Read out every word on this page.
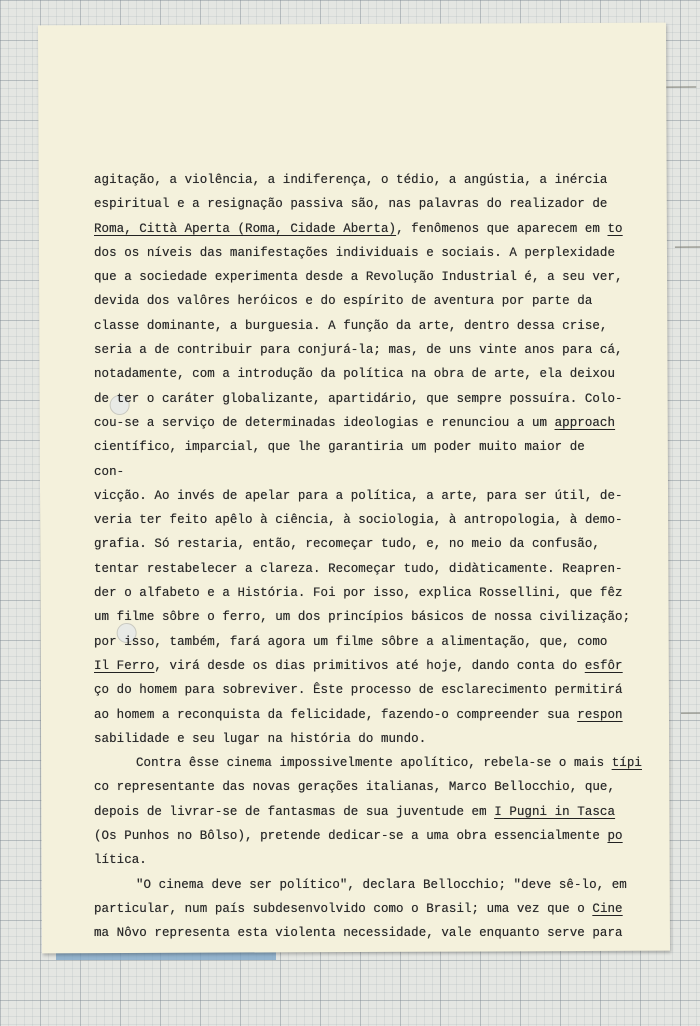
agitação, a violência, a indiferença, o tédio, a angústia, a inércia
espiritual e a resignação passiva são, nas palavras do realizador de
Roma, Città Aperta (Roma, Cidade Aberta), fenômenos que aparecem em to
dos os níveis das manifestações individuais e sociais. A perplexidade
que a sociedade experimenta desde a Revolução Industrial é, a seu ver,
devida dos valôres heróicos e do espírito de aventura por parte da
classe dominante, a burguesia. A função da arte, dentro dessa crise,
seria a de contribuir para conjurá-la; mas, de uns vinte anos para cá,
notadamente, com a introdução da política na obra de arte, ela deixou
de ter o caráter globalizante, apartidário, que sempre possuíra. Colo-
cou-se a serviço de determinadas ideologias e renunciou a um approach
científico, imparcial, que lhe garantiria um poder muito maior de
con-
vicção. Ao invés de apelar para a política, a arte, para ser útil, de-
veria ter feito apêlo à ciência, à sociologia, à antropologia, à demo-
grafia. Só restaria, então, recomeçar tudo, e, no meio da confusão,
tentar restabelecer a clareza. Recomeçar tudo, didàticamente. Reapren-
der o alfabeto e a História. Foi por isso, explica Rossellini, que fêz
um filme sôbre o ferro, um dos princípios básicos de nossa civilização;
por isso, também, fará agora um filme sôbre a alimentação, que, como
Il Ferro, virá desde os dias primitivos até hoje, dando conta do esfôr
ço do homem para sobreviver. Êste processo de esclarecimento permitirá
ao homem a reconquista da felicidade, fazendo-o compreender sua respon
sabilidade e seu lugar na história do mundo.
Contra êsse cinema impossivelmente apolítico, rebela-se o mais típi
co representante das novas gerações italianas, Marco Bellocchio, que,
depois de livrar-se de fantasmas de sua juventude em I Pugni in Tasca
(Os Punhos no Bôlso), pretende dedicar-se a uma obra essencialmente po
lítica.
"O cinema deve ser político", declara Bellocchio; "deve sê-lo, em
particular, num país subdesenvolvido como o Brasil; uma vez que o Cine
ma Nôvo representa esta violenta necessidade, vale enquanto serve para
